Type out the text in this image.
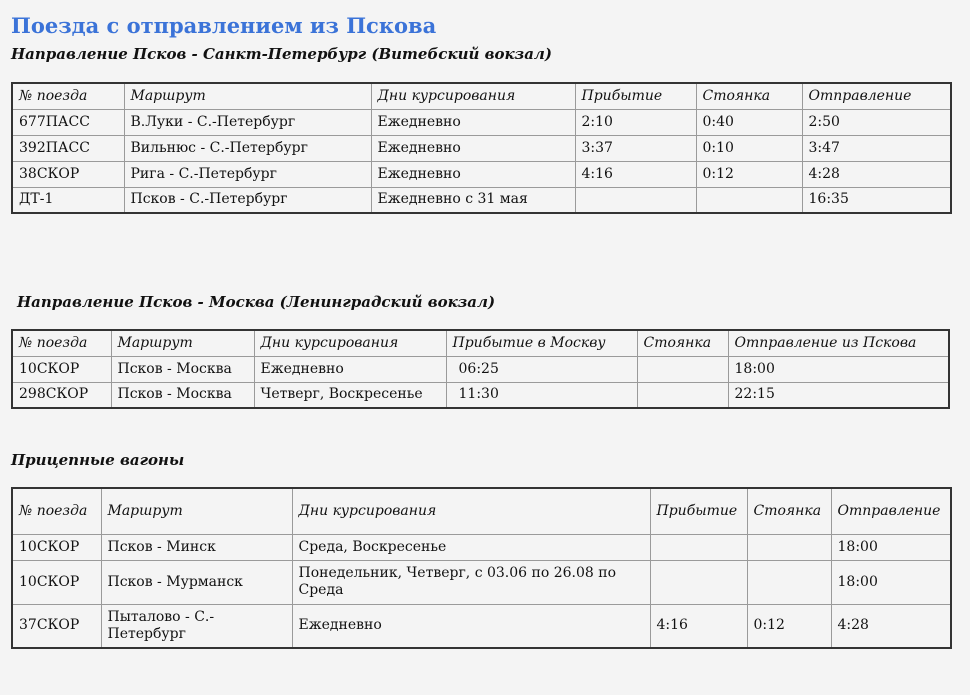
Поезда с отправлением из Пскова
Направление Псков - Санкт-Петербург (Витебский вокзал)
№ поезда	Маршрут	Дни курсирования	Прибытие	Стоянка	Отправление
677ПАСС	В.Луки - С.-Петербург	Ежедневно	2:10	0:40	2:50
392ПАСС	Вильнюс - С.-Петербург	Ежедневно	3:37	0:10	3:47
38СКОР	Рига - С.-Петербург	Ежедневно	4:16	0:12	4:28
ДТ-1	Псков - С.-Петербург	Ежедневно с 31 мая			16:35
Направление Псков - Москва (Ленинградский вокзал)
№ поезда	Маршрут	Дни курсирования	Прибытие в Москву	Стоянка	Отправление из Пскова
10СКОР	Псков - Москва	Ежедневно	06:25		18:00
298СКОР	Псков - Москва	Четверг, Воскресенье	11:30		22:15
Прицепные вагоны
№ поезда	Маршрут	Дни курсирования	Прибытие	Стоянка	Отправление
10СКОР	Псков - Минск	Среда, Воскресенье			18:00
10СКОР	Псков - Мурманск	Понедельник, Четверг, с 03.06 по 26.08 по Среда			18:00
37СКОР	Пыталово - С.-Петербург	Ежедневно	4:16	0:12	4:28
